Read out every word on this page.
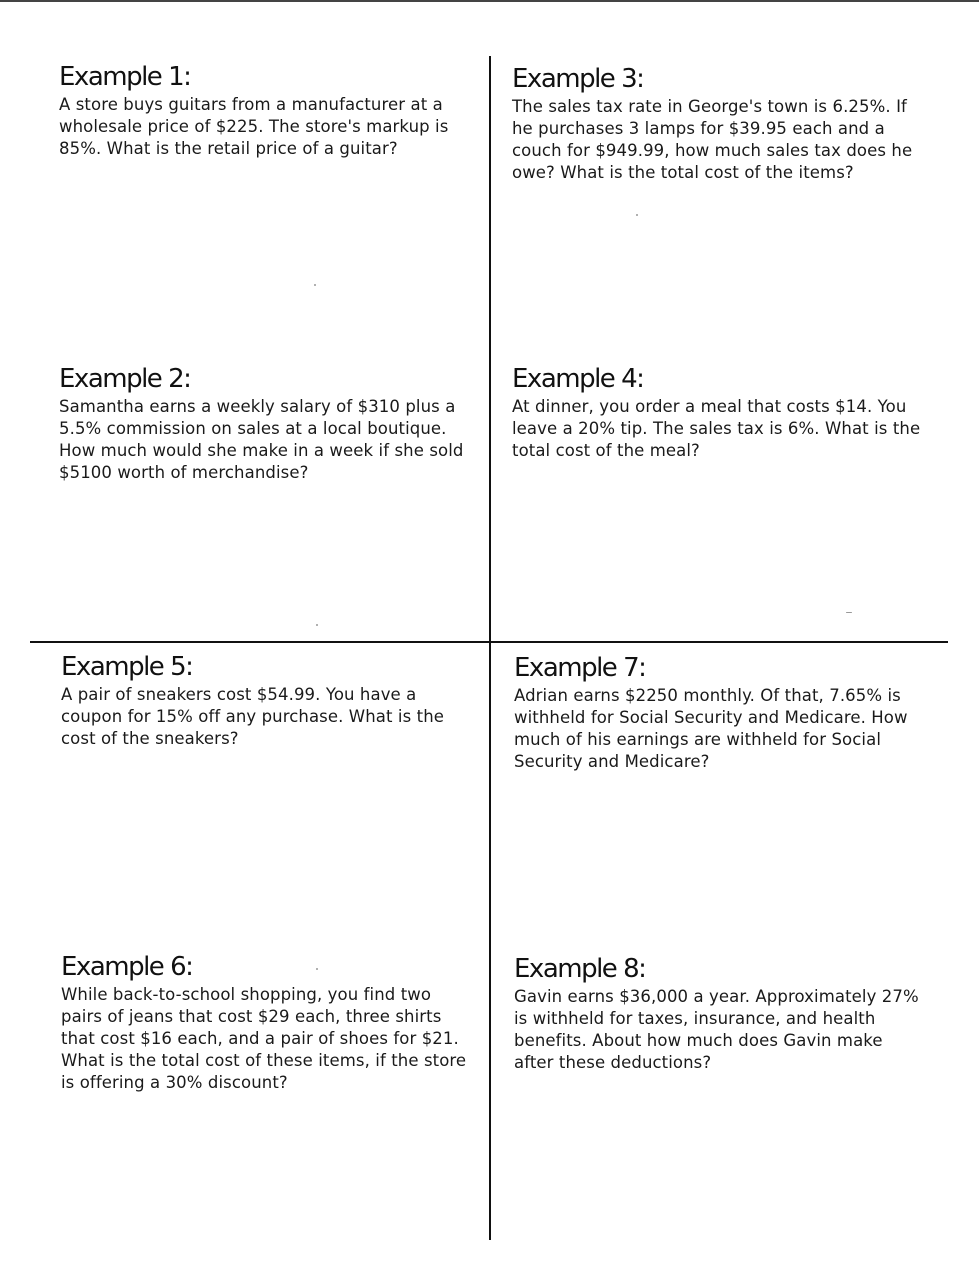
Example 1:

A store buys guitars from a manufacturer at a wholesale price of $225. The store's markup is 85%. What is the retail price of a guitar?

Example 3:

The sales tax rate in George's town is 6.25%. If he purchases 3 lamps for $39.95 each and a couch for $949.99, how much sales tax does he owe? What is the total cost of the items?

Example 2:

Samantha earns a weekly salary of $310 plus a 5.5% commission on sales at a local boutique. How much would she make in a week if she sold $5100 worth of merchandise?

Example 4:

At dinner, you order a meal that costs $14. You leave a 20% tip. The sales tax is 6%. What is the total cost of the meal?

Example 5:

A pair of sneakers cost $54.99. You have a coupon for 15% off any purchase. What is the cost of the sneakers?

Example 7:

Adrian earns $2250 monthly. Of that, 7.65% is withheld for Social Security and Medicare. How much of his earnings are withheld for Social Security and Medicare?

Example 6:

While back-to-school shopping, you find two pairs of jeans that cost $29 each, three shirts that cost $16 each, and a pair of shoes for $21. What is the total cost of these items, if the store is offering a 30% discount?

Example 8:

Gavin earns $36,000 a year. Approximately 27% is withheld for taxes, insurance, and health benefits. About how much does Gavin make after these deductions?
